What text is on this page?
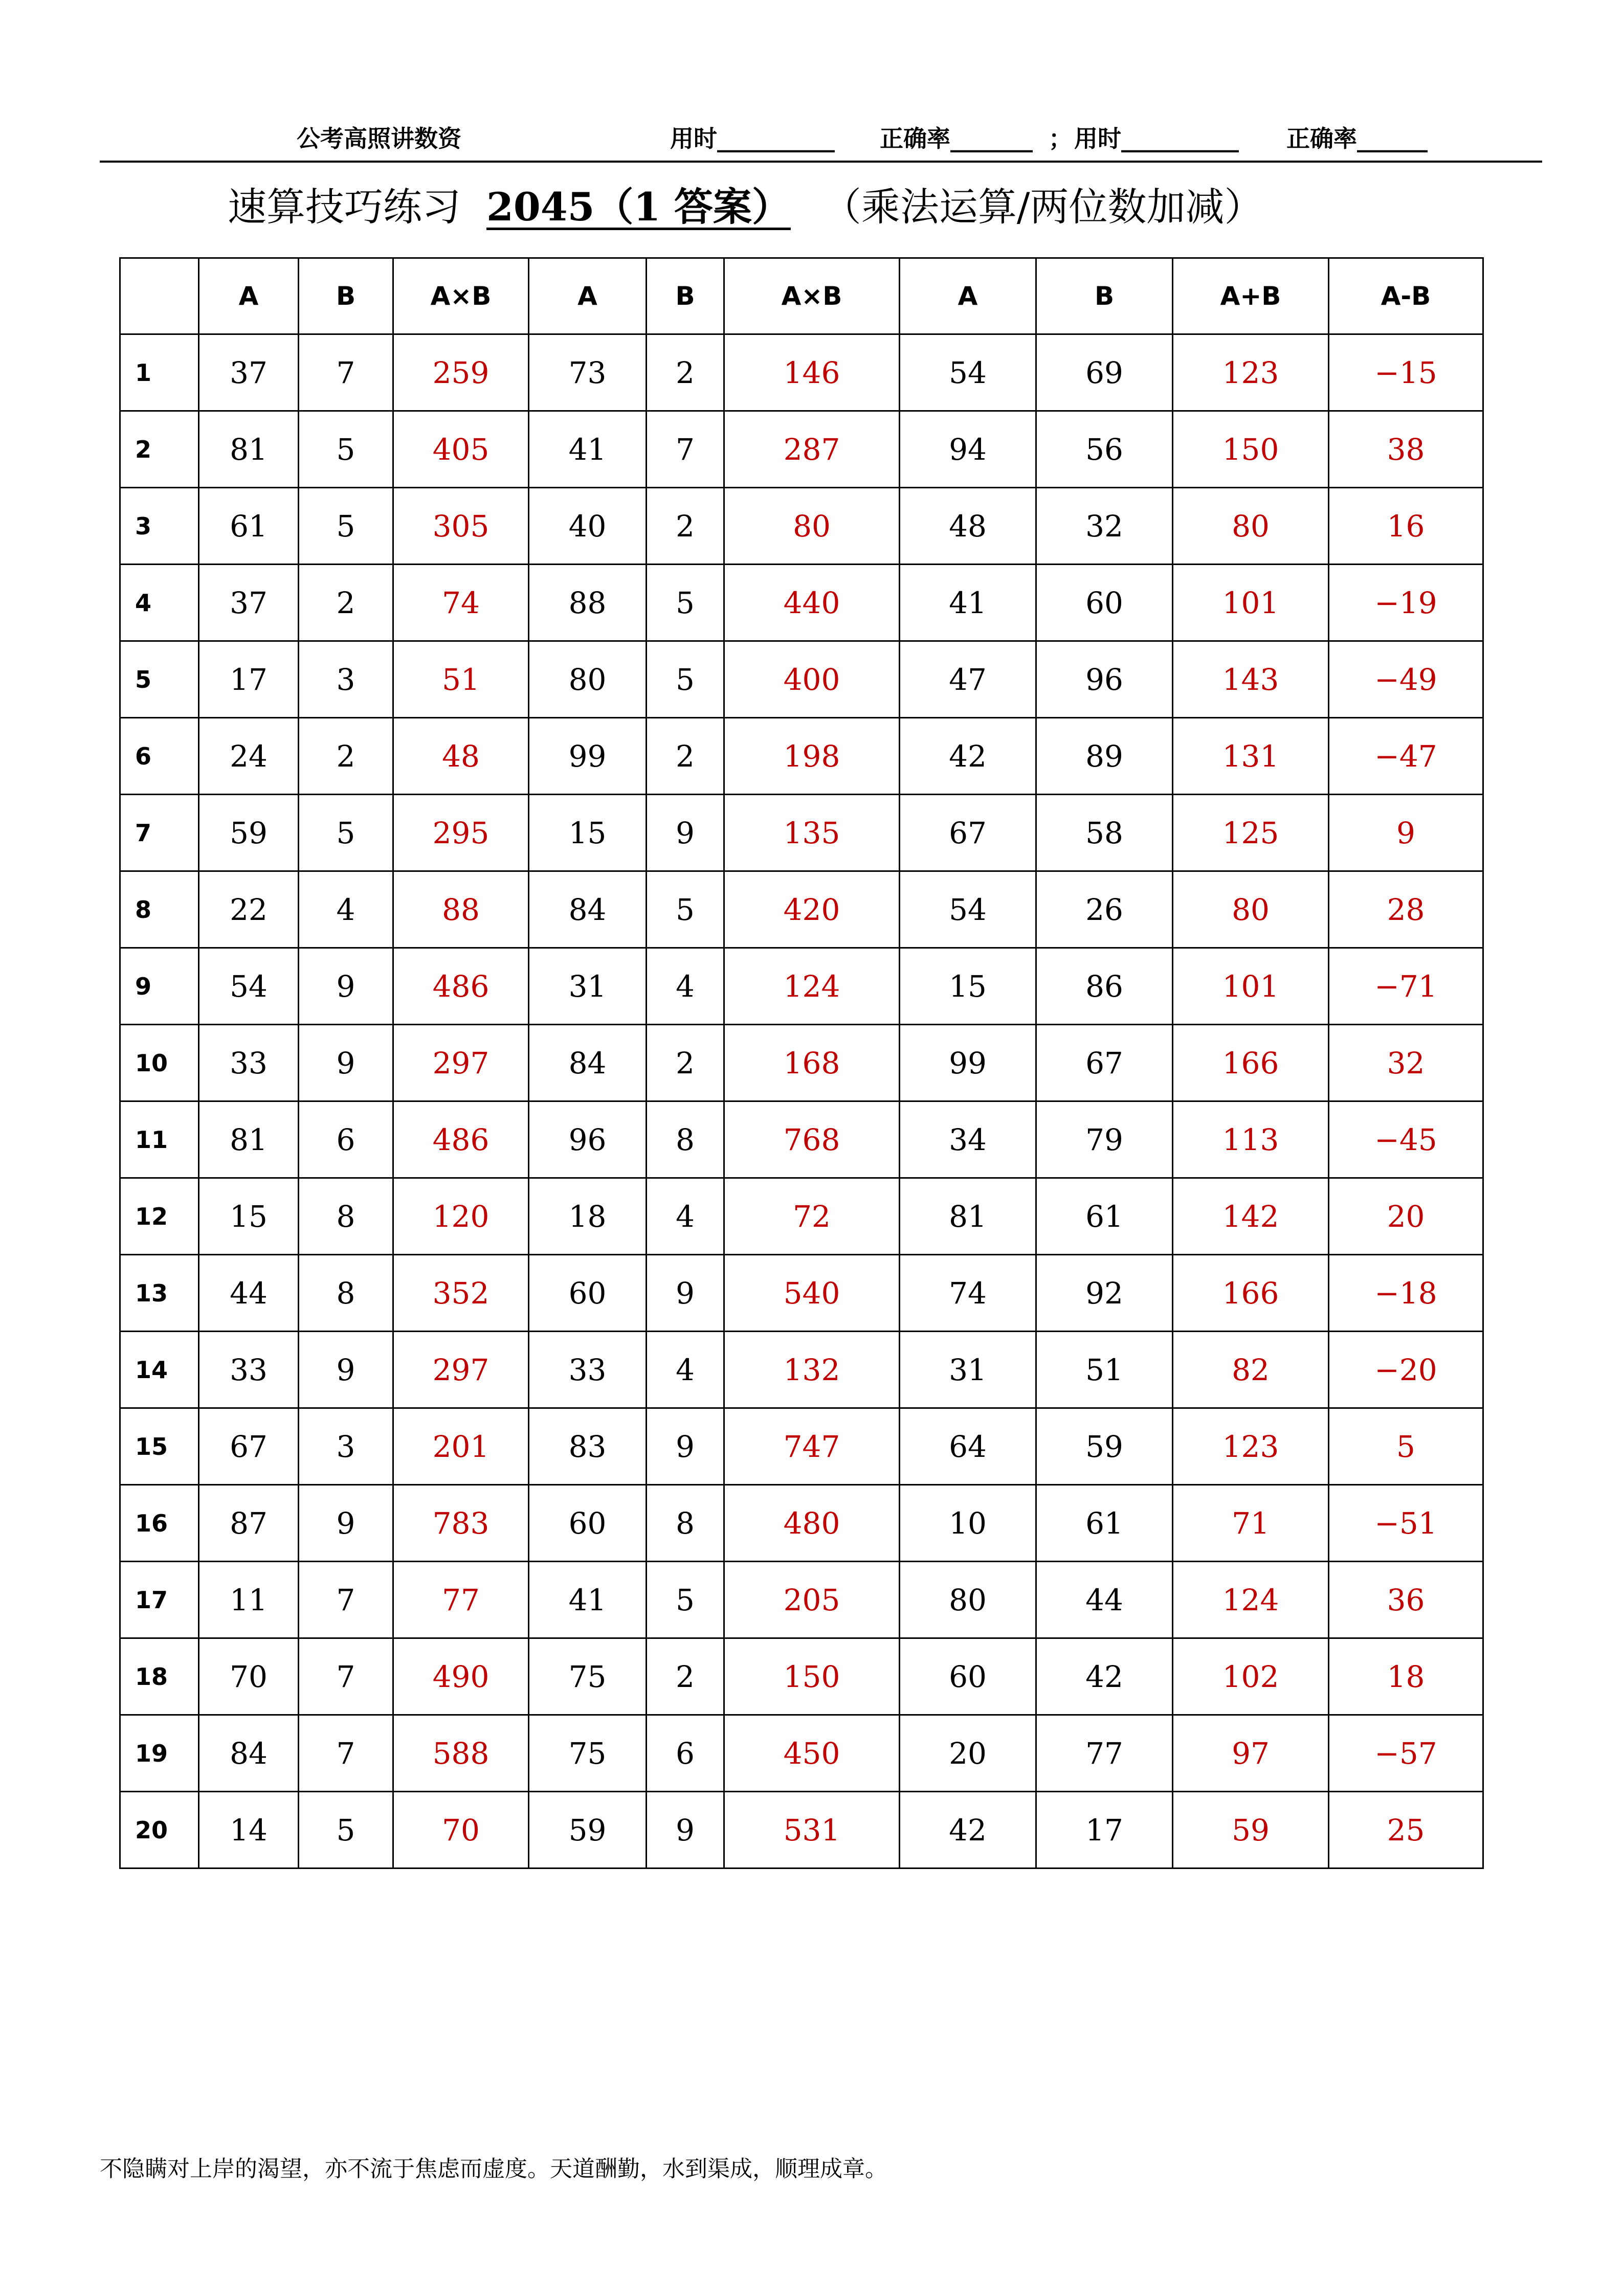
公考高照讲数资	用时__________ 正确率_______ ； 用时__________ 正确率______
速算技巧练习 2045（1 答案） （乘法运算/两位数加减）
	A	B	A×B	A	B	A×B	A	B	A+B	A-B
1	37	7	259	73	2	146	54	69	123	−15
2	81	5	405	41	7	287	94	56	150	38
3	61	5	305	40	2	80	48	32	80	16
4	37	2	74	88	5	440	41	60	101	−19
5	17	3	51	80	5	400	47	96	143	−49
6	24	2	48	99	2	198	42	89	131	−47
7	59	5	295	15	9	135	67	58	125	9
8	22	4	88	84	5	420	54	26	80	28
9	54	9	486	31	4	124	15	86	101	−71
10	33	9	297	84	2	168	99	67	166	32
11	81	6	486	96	8	768	34	79	113	−45
12	15	8	120	18	4	72	81	61	142	20
13	44	8	352	60	9	540	74	92	166	−18
14	33	9	297	33	4	132	31	51	82	−20
15	67	3	201	83	9	747	64	59	123	5
16	87	9	783	60	8	480	10	61	71	−51
17	11	7	77	41	5	205	80	44	124	36
18	70	7	490	75	2	150	60	42	102	18
19	84	7	588	75	6	450	20	77	97	−57
20	14	5	70	59	9	531	42	17	59	25
不隐瞒对上岸的渴望，亦不流于焦虑而虚度。天道酬勤，水到渠成，顺理成章。
